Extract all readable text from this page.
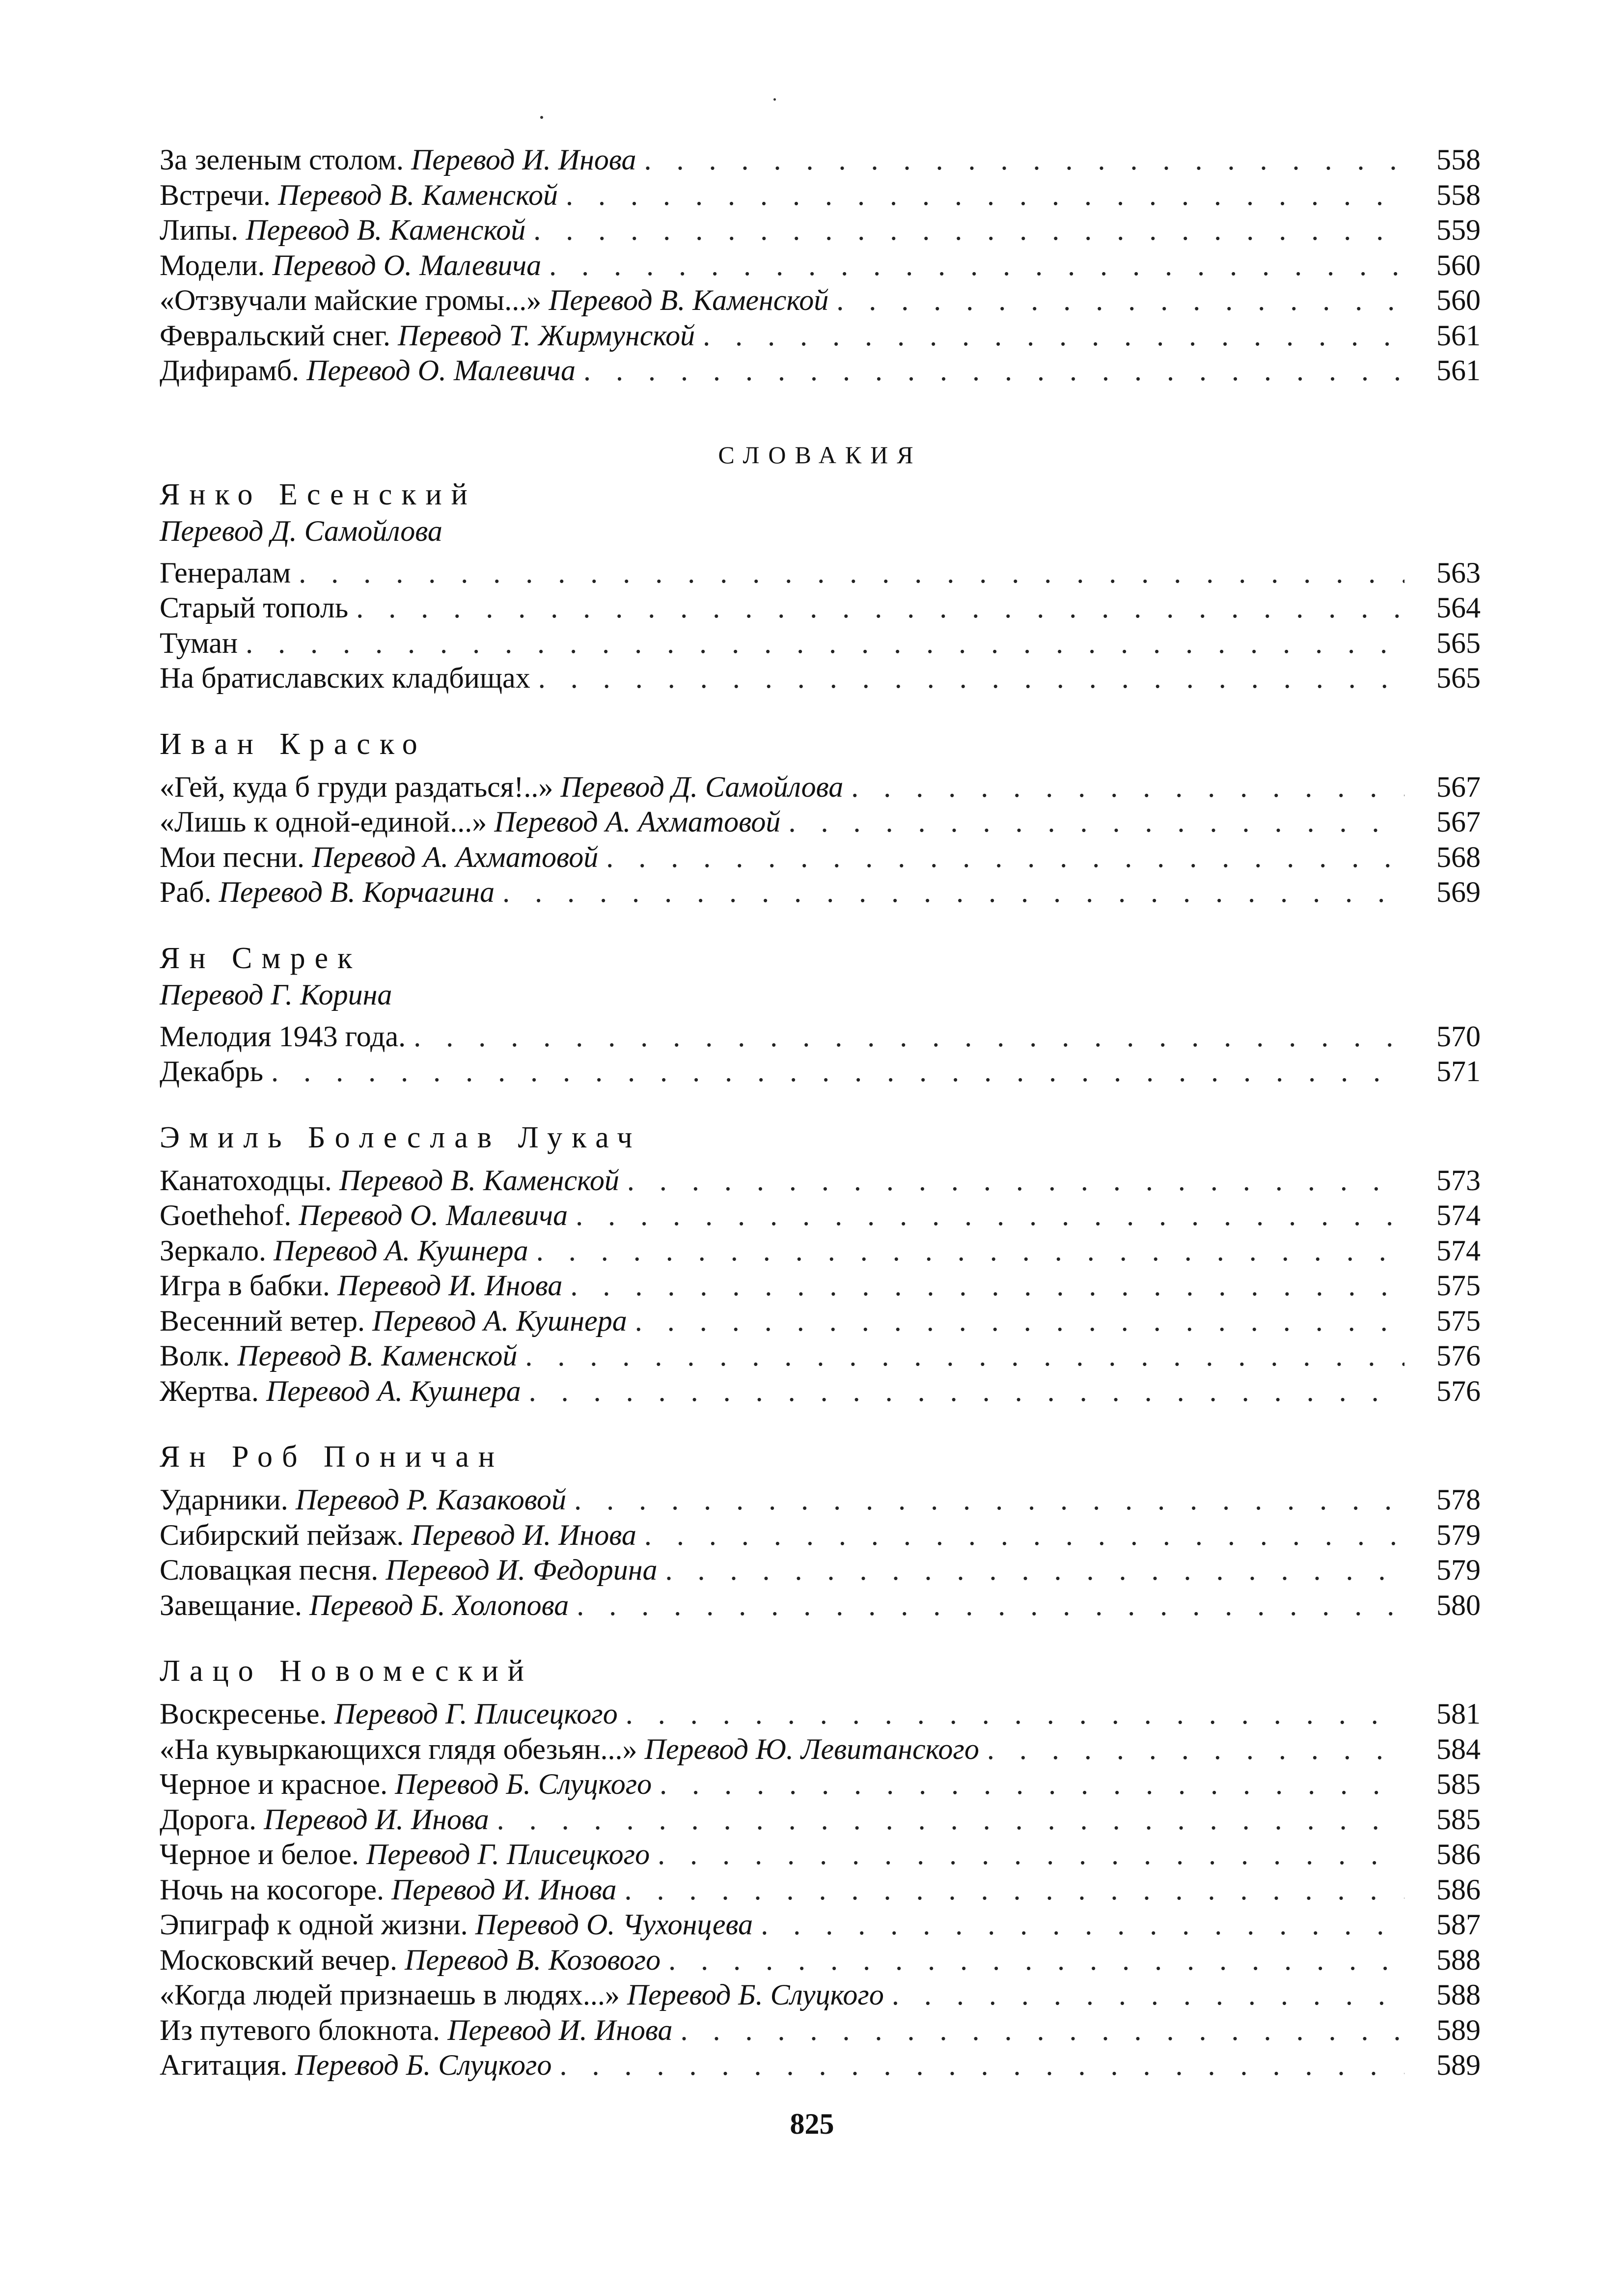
За зеленым столом. Перевод И. Инова . . .	558
Встречи. Перевод В. Каменской . . .	558
Липы. Перевод В. Каменской . . .	559
Модели. Перевод О. Малевича . . .	560
«Отзвучали майские громы...» Перевод В. Каменской . . .	560
Февральский снег. Перевод Т. Жирмунской . . .	561
Дифирамб. Перевод О. Малевича . . .	561
СЛОВАКИЯ
Янко Есенский
Перевод Д. Самойлова
Генералам . . .	563
Старый тополь . . .	564
Туман . . .	565
На братиславских кладбищах . . .	565
Иван Краско
«Гей, куда б груди раздаться!..» Перевод Д. Самойлова . . .	567
«Лишь к одной-единой...» Перевод А. Ахматовой . . .	567
Мои песни. Перевод А. Ахматовой . . .	568
Раб. Перевод В. Корчагина . . .	569
Ян Смрек
Перевод Г. Корина
Мелодия 1943 года. . . .	570
Декабрь . . .	571
Эмиль Болеслав Лукач
Канатоходцы. Перевод В. Каменской . . .	573
Goethehof. Перевод О. Малевича . . .	574
Зеркало. Перевод А. Кушнера . . .	574
Игра в бабки. Перевод И. Инова . . .	575
Весенний ветер. Перевод А. Кушнера . . .	575
Волк. Перевод В. Каменской . . .	576
Жертва. Перевод А. Кушнера . . .	576
Ян Роб Поничан
Ударники. Перевод Р. Казаковой . . .	578
Сибирский пейзаж. Перевод И. Инова . . .	579
Словацкая песня. Перевод И. Федорина . . .	579
Завещание. Перевод Б. Холопова . . .	580
Лацо Новомеский
Воскресенье. Перевод Г. Плисецкого . . .	581
«На кувыркающихся глядя обезьян...» Перевод Ю. Левитанского . . .	584
Черное и красное. Перевод Б. Слуцкого . . .	585
Дорога. Перевод И. Инова . . .	585
Черное и белое. Перевод Г. Плисецкого . . .	586
Ночь на косогоре. Перевод И. Инова . . .	586
Эпиграф к одной жизни. Перевод О. Чухонцева . . .	587
Московский вечер. Перевод В. Козового . . .	588
«Когда людей признаешь в людях...» Перевод Б. Слуцкого . . .	588
Из путевого блокнота. Перевод И. Инова . . .	589
Агитация. Перевод Б. Слуцкого . . .	589
825
